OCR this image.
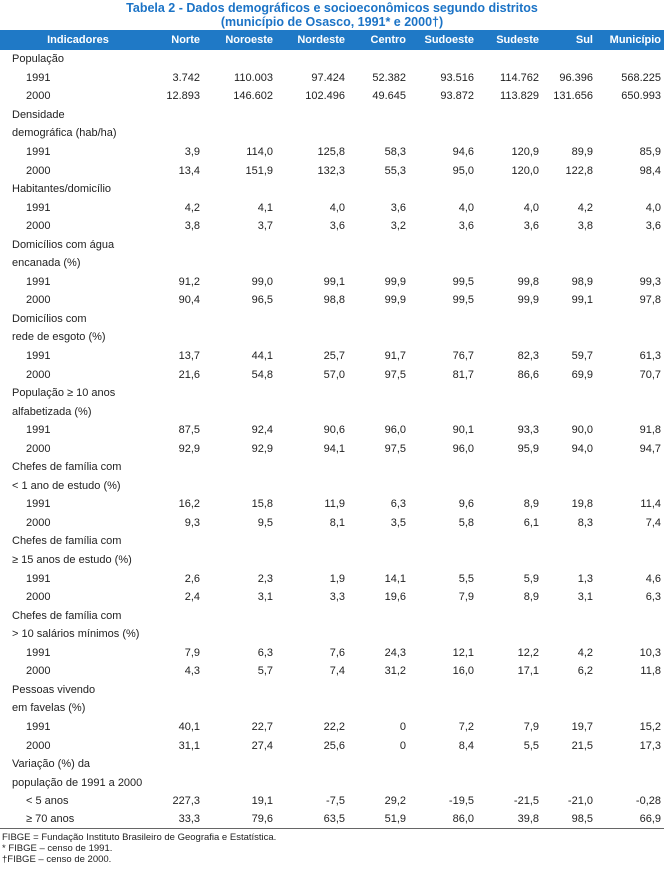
Tabela 2 - Dados demográficos e socioeconômicos segundo distritos
(município de Osasco, 1991* e 2000†)
Indicadores	Norte	Noroeste	Nordeste	Centro	Sudoeste	Sudeste	Sul	Município
População								
1991	3.742	110.003	97.424	52.382	93.516	114.762	96.396	568.225
2000	12.893	146.602	102.496	49.645	93.872	113.829	131.656	650.993
Densidade								
demográfica (hab/ha)								
1991	3,9	114,0	125,8	58,3	94,6	120,9	89,9	85,9
2000	13,4	151,9	132,3	55,3	95,0	120,0	122,8	98,4
Habitantes/domicílio								
1991	4,2	4,1	4,0	3,6	4,0	4,0	4,2	4,0
2000	3,8	3,7	3,6	3,2	3,6	3,6	3,8	3,6
Domicílios com água								
encanada (%)								
1991	91,2	99,0	99,1	99,9	99,5	99,8	98,9	99,3
2000	90,4	96,5	98,8	99,9	99,5	99,9	99,1	97,8
Domicílios com								
rede de esgoto (%)								
1991	13,7	44,1	25,7	91,7	76,7	82,3	59,7	61,3
2000	21,6	54,8	57,0	97,5	81,7	86,6	69,9	70,7
População ≥ 10 anos								
alfabetizada (%)								
1991	87,5	92,4	90,6	96,0	90,1	93,3	90,0	91,8
2000	92,9	92,9	94,1	97,5	96,0	95,9	94,0	94,7
Chefes de família com								
< 1 ano de estudo (%)								
1991	16,2	15,8	11,9	6,3	9,6	8,9	19,8	11,4
2000	9,3	9,5	8,1	3,5	5,8	6,1	8,3	7,4
Chefes de família com								
≥ 15 anos de estudo (%)								
1991	2,6	2,3	1,9	14,1	5,5	5,9	1,3	4,6
2000	2,4	3,1	3,3	19,6	7,9	8,9	3,1	6,3
Chefes de família com								
> 10 salários mínimos (%)								
1991	7,9	6,3	7,6	24,3	12,1	12,2	4,2	10,3
2000	4,3	5,7	7,4	31,2	16,0	17,1	6,2	11,8
Pessoas vivendo								
em favelas (%)								
1991	40,1	22,7	22,2	0	7,2	7,9	19,7	15,2
2000	31,1	27,4	25,6	0	8,4	5,5	21,5	17,3
Variação (%) da								
população de 1991 a 2000								
< 5 anos	227,3	19,1	-7,5	29,2	-19,5	-21,5	-21,0	-0,28
≥ 70 anos	33,3	79,6	63,5	51,9	86,0	39,8	98,5	66,9
FIBGE = Fundação Instituto Brasileiro de Geografia e Estatística.
* FIBGE – censo de 1991.
†FIBGE – censo de 2000.
